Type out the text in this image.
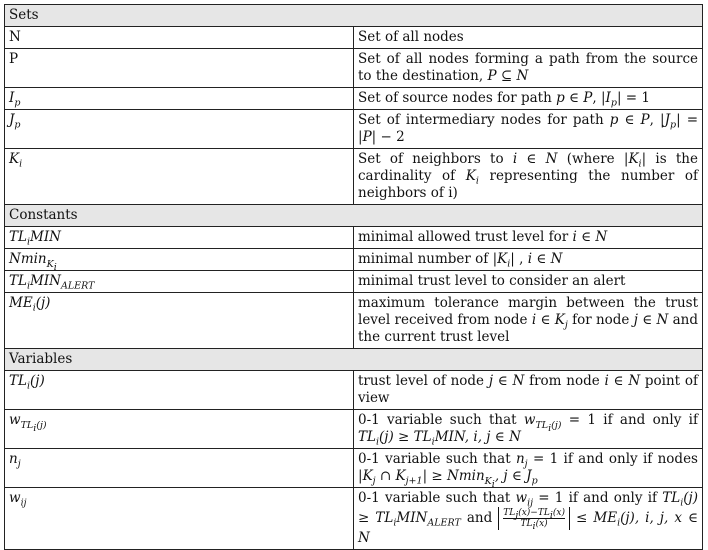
Sets	
N	Set of all nodes
P	Set of all nodes forming a path from the source to the destination, P ⊆ N
$I_p$	Set of source nodes for path p ∈ P, $|I_p| = 1$
$J_p$	Set of intermediary nodes for path p ∈ P, $|J_p| = |P| - 2$
$K_i$	Set of neighbors to i ∈ N (where $|K_i|$ is the cardinality of $K_i$ representing the number of neighbors of i)
Constants	
$TL_iMIN$	minimal allowed trust level for i ∈ N
Nmin$_{K_i}$	minimal number of $|K_i|$ , i ∈ N
$TL_iMIN_{ALERT}$	minimal trust level to consider an alert
$ME_i(j)$	maximum tolerance margin between the trust level received from node i ∈ $K_j$ for node j ∈ N and the current trust level
Variables	
$TL_i(j)$	trust level of node j ∈ N from node i ∈ N point of view
$w_{TL_i(j)}$	0-1 variable such that $w_{TL_i(j)} = 1$ if and only if $TL_i(j) \ge TL_iMIN$, i, j ∈ N
$n_j$	0-1 variable such that $n_j = 1$ if and only if nodes $|K_j$ ∩ $K_{j+1}| \ge Nmin_{K_i}$, j ∈ $J_p$
$w_{ij}$	0-1 variable such that $w_{ij} = 1$ if and only if $TL_i(j) \ge TL_iMIN_{ALERT}$ and $\frac{TL_j(x)-TL_i(x)}{TL_i(x)} \le ME_i(j)$, i, j, x ∈ N
